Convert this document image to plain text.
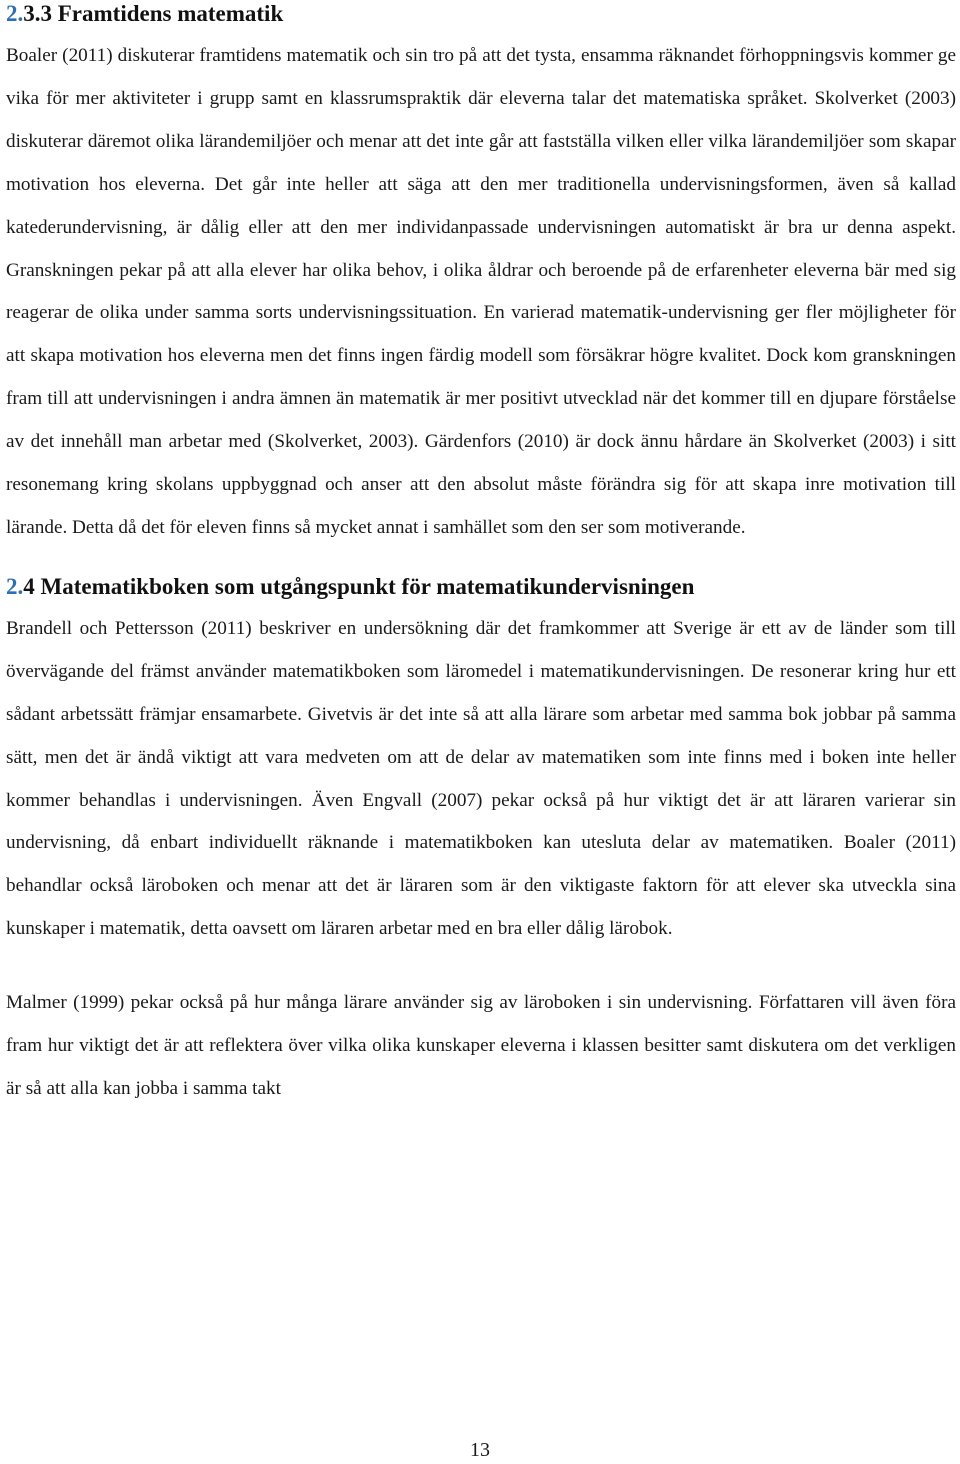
2.3.3 Framtidens matematik

Boaler (2011) diskuterar framtidens matematik och sin tro på att det tysta, ensamma räknandet förhoppningsvis kommer ge vika för mer aktiviteter i grupp samt en klassrumspraktik där eleverna talar det matematiska språket. Skolverket (2003) diskuterar däremot olika lärandemiljöer och menar att det inte går att fastställa vilken eller vilka lärandemiljöer som skapar motivation hos eleverna. Det går inte heller att säga att den mer traditionella undervisningsformen, även så kallad katederundervisning, är dålig eller att den mer individanpassade undervisningen automatiskt är bra ur denna aspekt. Granskningen pekar på att alla elever har olika behov, i olika åldrar och beroende på de erfarenheter eleverna bär med sig reagerar de olika under samma sorts undervisningssituation. En varierad matematik-undervisning ger fler möjligheter för att skapa motivation hos eleverna men det finns ingen färdig modell som försäkrar högre kvalitet. Dock kom granskningen fram till att undervisningen i andra ämnen än matematik är mer positivt utvecklad när det kommer till en djupare förståelse av det innehåll man arbetar med (Skolverket, 2003). Gärdenfors (2010) är dock ännu hårdare än Skolverket (2003) i sitt resonemang kring skolans uppbyggnad och anser att den absolut måste förändra sig för att skapa inre motivation till lärande. Detta då det för eleven finns så mycket annat i samhället som den ser som motiverande.

2.4 Matematikboken som utgångspunkt för matematikundervisningen

Brandell och Pettersson (2011) beskriver en undersökning där det framkommer att Sverige är ett av de länder som till övervägande del främst använder matematikboken som läromedel i matematikundervisningen. De resonerar kring hur ett sådant arbetssätt främjar ensamarbete. Givetvis är det inte så att alla lärare som arbetar med samma bok jobbar på samma sätt, men det är ändå viktigt att vara medveten om att de delar av matematiken som inte finns med i boken inte heller kommer behandlas i undervisningen. Även Engvall (2007) pekar också på hur viktigt det är att läraren varierar sin undervisning, då enbart individuellt räknande i matematikboken kan utesluta delar av matematiken. Boaler (2011) behandlar också läroboken och menar att det är läraren som är den viktigaste faktorn för att elever ska utveckla sina kunskaper i matematik, detta oavsett om läraren arbetar med en bra eller dålig lärobok.

Malmer (1999) pekar också på hur många lärare använder sig av läroboken i sin undervisning. Författaren vill även föra fram hur viktigt det är att reflektera över vilka olika kunskaper eleverna i klassen besitter samt diskutera om det verkligen är så att alla kan jobba i samma takt

13
